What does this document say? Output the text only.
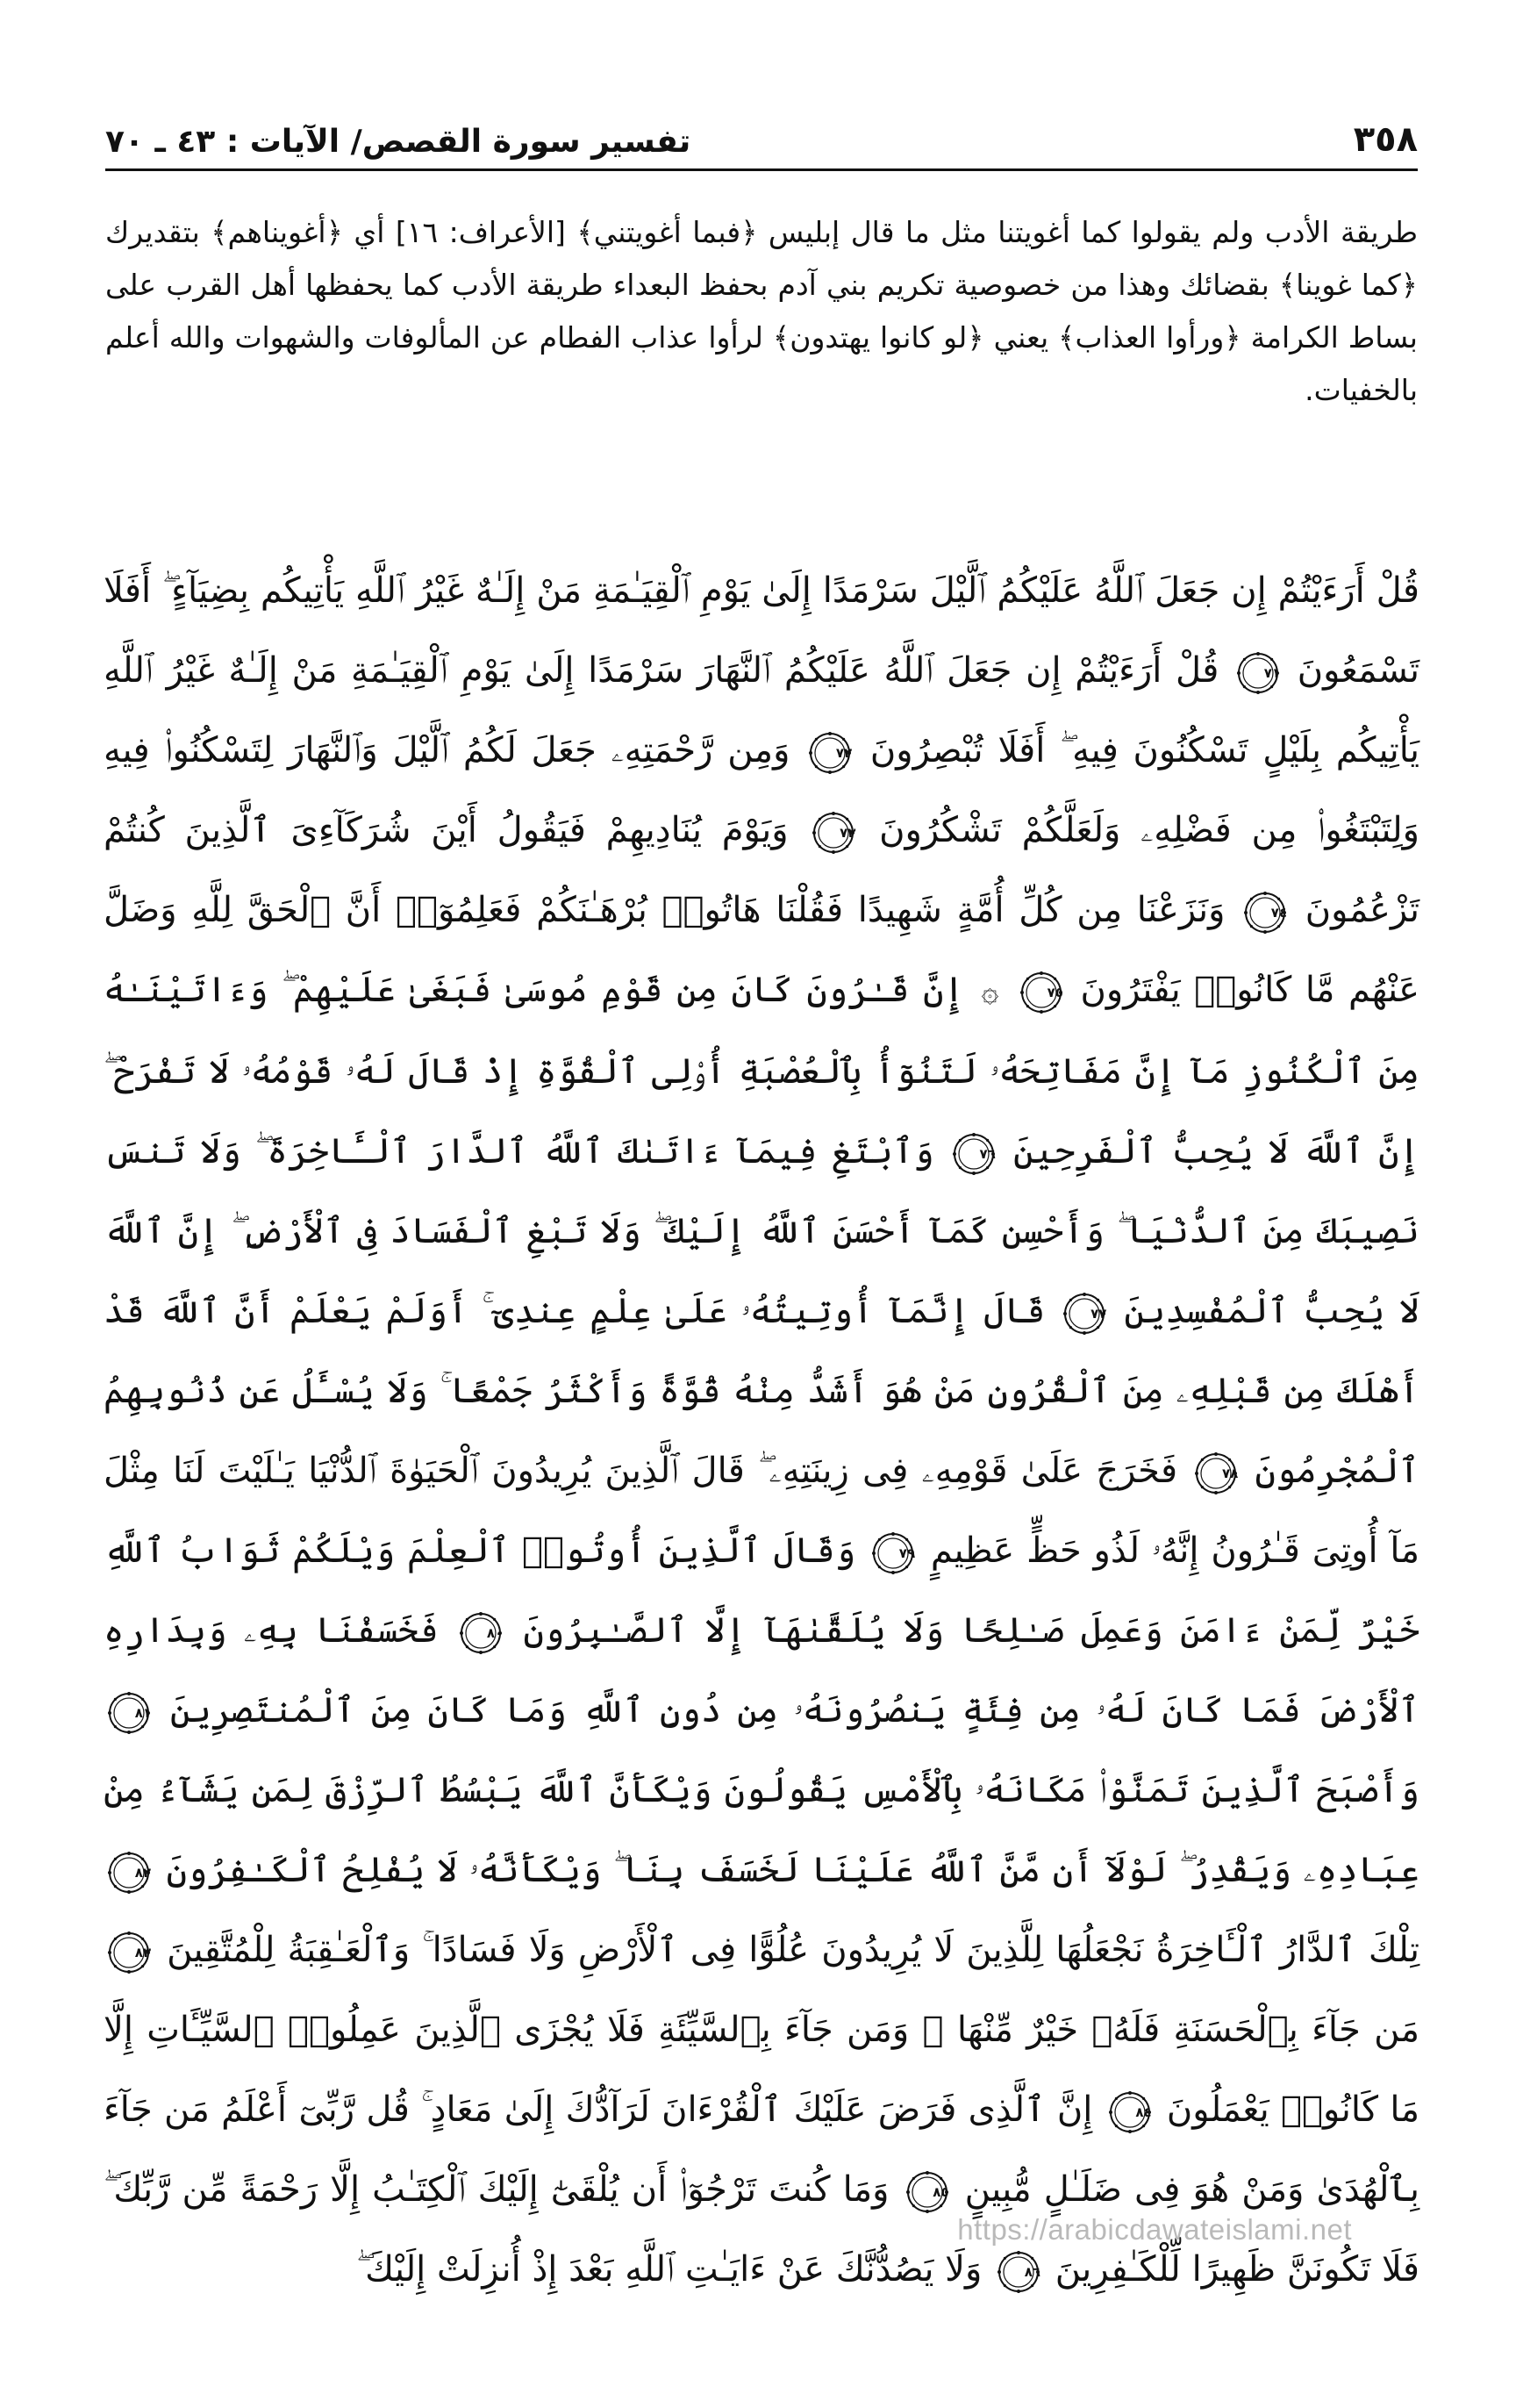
٣٥٨
تفسير سورة القصص/ الآيات : ٤٣ ـ ٧٠
طريقة الأدب ولم يقولوا كما أغويتنا مثل ما قال إبليس ﴿فبما أغويتني﴾ [الأعراف: ١٦] أي ﴿أغويناهم﴾ بتقديرك ﴿كما غوينا﴾ بقضائك وهذا من خصوصية تكريم بني آدم بحفظ البعداء طريقة الأدب كما يحفظها أهل القرب على بساط الكرامة ﴿ورأوا العذاب﴾ يعني ﴿لو كانوا يهتدون﴾ لرأوا عذاب الفطام عن المألوفات والشهوات والله أعلم بالخفيات.

قُلْ أَرَءَيْتُمْ إِن جَعَلَ ٱللَّهُ عَلَيْكُمُ ٱلَّيْلَ سَرْمَدًا إِلَىٰ يَوْمِ ٱلْقِيَـٰمَةِ مَنْ إِلَـٰهٌ غَيْرُ ٱللَّهِ يَأْتِيكُم بِضِيَآءٍ ۖ أَفَلَا تَسْمَعُونَ
٧١
قُلْ أَرَءَيْتُمْ إِن جَعَلَ ٱللَّهُ عَلَيْكُمُ ٱلنَّهَارَ سَرْمَدًا إِلَىٰ يَوْمِ ٱلْقِيَـٰمَةِ مَنْ إِلَـٰهٌ غَيْرُ ٱللَّهِ يَأْتِيكُم بِلَيْلٍ تَسْكُنُونَ فِيهِ ۖ أَفَلَا تُبْصِرُونَ
٧٢
وَمِن رَّحْمَتِهِۦ جَعَلَ لَكُمُ ٱلَّيْلَ وَٱلنَّهَارَ لِتَسْكُنُوا۟ فِيهِ وَلِتَبْتَغُوا۟ مِن فَضْلِهِۦ وَلَعَلَّكُمْ تَشْكُرُونَ
٧٣
وَيَوْمَ يُنَادِيهِمْ فَيَقُولُ أَيْنَ شُرَكَآءِىَ ٱلَّذِينَ كُنتُمْ تَزْعُمُونَ
٧٤
وَنَزَعْنَا مِن كُلِّ أُمَّةٍ شَهِيدًا فَقُلْنَا هَاتُوا۟ بُرْهَـٰنَكُمْ فَعَلِمُوٓا۟ أَنَّ ٱلْحَقَّ لِلَّهِ وَضَلَّ عَنْهُم مَّا كَانُوا۟ يَفْتَرُونَ
٧٥
۞ إِنَّ قَـٰرُونَ كَانَ مِن قَوْمِ مُوسَىٰ فَبَغَىٰ عَلَيْهِمْ ۖ وَءَاتَيْنَـٰهُ مِنَ ٱلْكُنُوزِ مَآ إِنَّ مَفَاتِحَهُۥ لَتَنُوٓأُ بِٱلْعُصْبَةِ أُو۟لِى ٱلْقُوَّةِ إِذْ قَالَ لَهُۥ قَوْمُهُۥ لَا تَفْرَحْ ۖ إِنَّ ٱللَّهَ لَا يُحِبُّ ٱلْفَرِحِينَ
٧٦
وَٱبْتَغِ فِيمَآ ءَاتَىٰكَ ٱللَّهُ ٱلدَّارَ ٱلْـَٔاخِرَةَ ۖ وَلَا تَنسَ نَصِيبَكَ مِنَ ٱلدُّنْيَا ۖ وَأَحْسِن كَمَآ أَحْسَنَ ٱللَّهُ إِلَيْكَ ۖ وَلَا تَبْغِ ٱلْفَسَادَ فِى ٱلْأَرْضِ ۖ إِنَّ ٱللَّهَ لَا يُحِبُّ ٱلْمُفْسِدِينَ
٧٧
قَالَ إِنَّمَآ أُوتِيتُهُۥ عَلَىٰ عِلْمٍ عِندِىٓ ۚ أَوَلَمْ يَعْلَمْ أَنَّ ٱللَّهَ قَدْ أَهْلَكَ مِن قَبْلِهِۦ مِنَ ٱلْقُرُونِ مَنْ هُوَ أَشَدُّ مِنْهُ قُوَّةً وَأَكْثَرُ جَمْعًا ۚ وَلَا يُسْـَٔلُ عَن ذُنُوبِهِمُ ٱلْمُجْرِمُونَ
٧٨
فَخَرَجَ عَلَىٰ قَوْمِهِۦ فِى زِينَتِهِۦ ۖ قَالَ ٱلَّذِينَ يُرِيدُونَ ٱلْحَيَوٰةَ ٱلدُّنْيَا يَـٰلَيْتَ لَنَا مِثْلَ مَآ أُوتِىَ قَـٰرُونُ إِنَّهُۥ لَذُو حَظٍّ عَظِيمٍ
٧٩
وَقَالَ ٱلَّذِينَ أُوتُوا۟ ٱلْعِلْمَ وَيْلَكُمْ ثَوَابُ ٱللَّهِ خَيْرٌ لِّمَنْ ءَامَنَ وَعَمِلَ صَـٰلِحًا وَلَا يُلَقَّىٰهَآ إِلَّا ٱلصَّـٰبِرُونَ
٨٠
فَخَسَفْنَا بِهِۦ وَبِدَارِهِ ٱلْأَرْضَ فَمَا كَانَ لَهُۥ مِن فِئَةٍ يَنصُرُونَهُۥ مِن دُونِ ٱللَّهِ وَمَا كَانَ مِنَ ٱلْمُنتَصِرِينَ
٨١
وَأَصْبَحَ ٱلَّذِينَ تَمَنَّوْا۟ مَكَانَهُۥ بِٱلْأَمْسِ يَقُولُونَ وَيْكَأَنَّ ٱللَّهَ يَبْسُطُ ٱلرِّزْقَ لِمَن يَشَآءُ مِنْ عِبَادِهِۦ وَيَقْدِرُ ۖ لَوْلَآ أَن مَّنَّ ٱللَّهُ عَلَيْنَا لَخَسَفَ بِنَا ۖ وَيْكَأَنَّهُۥ لَا يُفْلِحُ ٱلْكَـٰفِرُونَ
٨٢
تِلْكَ ٱلدَّارُ ٱلْـَٔاخِرَةُ نَجْعَلُهَا لِلَّذِينَ لَا يُرِيدُونَ عُلُوًّا فِى ٱلْأَرْضِ وَلَا فَسَادًا ۚ وَٱلْعَـٰقِبَةُ لِلْمُتَّقِينَ
٨٣
مَن جَآءَ بِٱلْحَسَنَةِ فَلَهُۥ خَيْرٌ مِّنْهَا ۖ وَمَن جَآءَ بِٱلسَّيِّئَةِ فَلَا يُجْزَى ٱلَّذِينَ عَمِلُوا۟ ٱلسَّيِّـَٔاتِ إِلَّا مَا كَانُوا۟ يَعْمَلُونَ
٨٤
إِنَّ ٱلَّذِى فَرَضَ عَلَيْكَ ٱلْقُرْءَانَ لَرَآدُّكَ إِلَىٰ مَعَادٍ ۚ قُل رَّبِّىٓ أَعْلَمُ مَن جَآءَ بِٱلْهُدَىٰ وَمَنْ هُوَ فِى ضَلَـٰلٍ مُّبِينٍ
٨٥
وَمَا كُنتَ تَرْجُوٓا۟ أَن يُلْقَىٰٓ إِلَيْكَ ٱلْكِتَـٰبُ إِلَّا رَحْمَةً مِّن رَّبِّكَ ۖ فَلَا تَكُونَنَّ ظَهِيرًا لِّلْكَـٰفِرِينَ
٨٦
وَلَا يَصُدُّنَّكَ عَنْ ءَايَـٰتِ ٱللَّهِ بَعْدَ إِذْ أُنزِلَتْ إِلَيْكَ ۖ

https://arabicdawateislami.net
